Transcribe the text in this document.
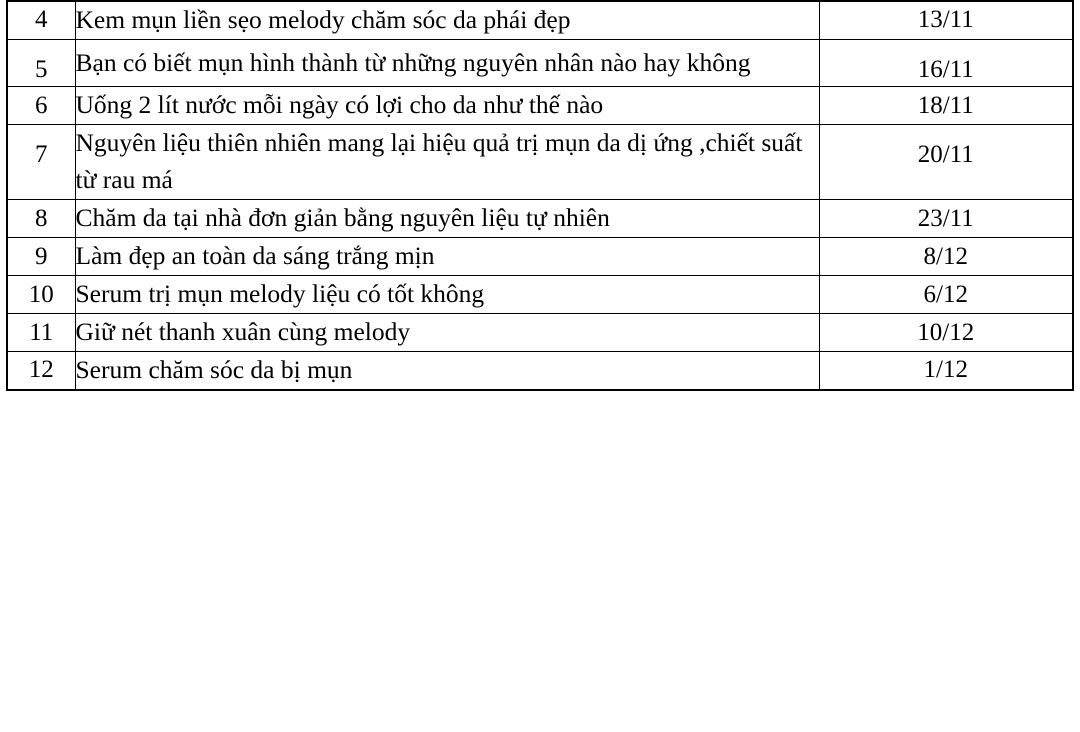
4	Kem mụn liền sẹo melody chăm sóc da phái đẹp	13/11
5	Bạn có biết mụn hình thành từ những nguyên nhân nào hay không	16/11
6	Uống 2 lít nước mỗi ngày có lợi cho da như thế nào	18/11
7	Nguyên liệu thiên nhiên mang lại hiệu quả trị mụn da dị ứng ,chiết suất từ rau má	20/11
8	Chăm da tại nhà đơn giản bằng nguyên liệu tự nhiên	23/11
9	Làm đẹp an toàn da sáng trắng mịn	8/12
10	Serum trị mụn melody liệu có tốt không	6/12
11	Giữ nét thanh xuân cùng melody	10/12
12	Serum chăm sóc da bị mụn	1/12
